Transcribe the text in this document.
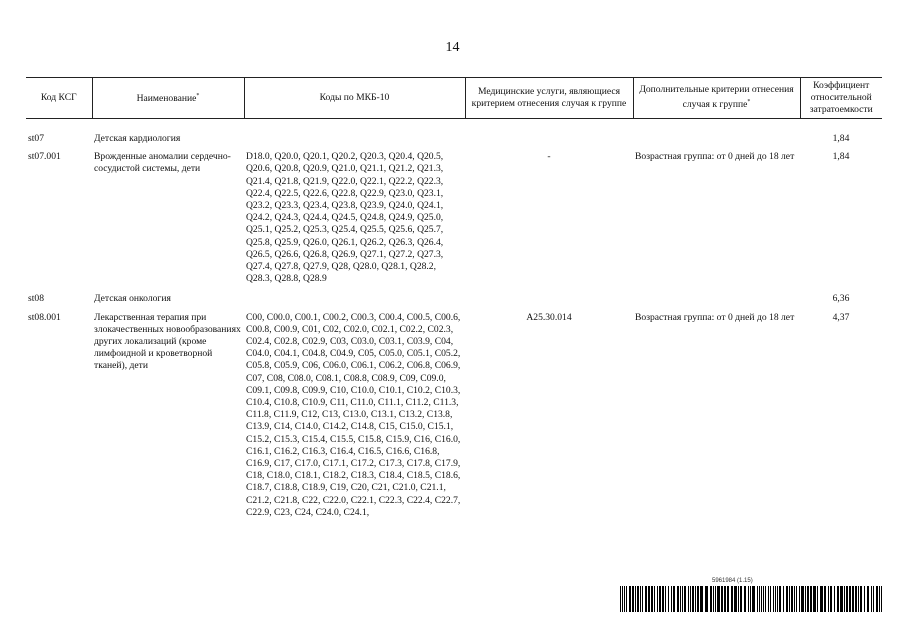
14
Код КСГ	Наименование*	Коды по МКБ-10	Медицинские услуги, являющиеся критерием отнесения случая к группе	Дополнительные критерии отнесения случая к группе*	Коэффициент относительной затратоемкости

st07	Детская кардиология				1,84
st07.001	Врожденные аномалии сердечно-сосудистой системы, дети	D18.0, Q20.0, Q20.1, Q20.2, Q20.3, Q20.4, Q20.5, Q20.6, Q20.8, Q20.9, Q21.0, Q21.1, Q21.2, Q21.3, Q21.4, Q21.8, Q21.9, Q22.0, Q22.1, Q22.2, Q22.3, Q22.4, Q22.5, Q22.6, Q22.8, Q22.9, Q23.0, Q23.1, Q23.2, Q23.3, Q23.4, Q23.8, Q23.9, Q24.0, Q24.1, Q24.2, Q24.3, Q24.4, Q24.5, Q24.8, Q24.9, Q25.0, Q25.1, Q25.2, Q25.3, Q25.4, Q25.5, Q25.6, Q25.7, Q25.8, Q25.9, Q26.0, Q26.1, Q26.2, Q26.3, Q26.4, Q26.5, Q26.6, Q26.8, Q26.9, Q27.1, Q27.2, Q27.3, Q27.4, Q27.8, Q27.9, Q28, Q28.0, Q28.1, Q28.2, Q28.3, Q28.8, Q28.9	-	Возрастная группа: от 0 дней до 18 лет	1,84
st08	Детская онкология				6,36
st08.001	Лекарственная терапия при злокачественных новообразованиях других локализаций (кроме лимфоидной и кроветворной тканей), дети	C00, C00.0, C00.1, C00.2, C00.3, C00.4, C00.5, C00.6, C00.8, C00.9, C01, C02, C02.0, C02.1, C02.2, C02.3, C02.4, C02.8, C02.9, C03, C03.0, C03.1, C03.9, C04, C04.0, C04.1, C04.8, C04.9, C05, C05.0, C05.1, C05.2, C05.8, C05.9, C06, C06.0, C06.1, C06.2, C06.8, C06.9, C07, C08, C08.0, C08.1, C08.8, C08.9, C09, C09.0, C09.1, C09.8, C09.9, C10, C10.0, C10.1, C10.2, C10.3, C10.4, C10.8, C10.9, C11, C11.0, C11.1, C11.2, C11.3, C11.8, C11.9, C12, C13, C13.0, C13.1, C13.2, C13.8, C13.9, C14, C14.0, C14.2, C14.8, C15, C15.0, C15.1, C15.2, C15.3, C15.4, C15.5, C15.8, C15.9, C16, C16.0, C16.1, C16.2, C16.3, C16.4, C16.5, C16.6, C16.8, C16.9, C17, C17.0, C17.1, C17.2, C17.3, C17.8, C17.9, C18, C18.0, C18.1, C18.2, C18.3, C18.4, C18.5, C18.6, C18.7, C18.8, C18.9, C19, C20, C21, C21.0, C21.1, C21.2, C21.8, C22, C22.0, C22.1, C22.3, C22.4, C22.7, C22.9, C23, C24, C24.0, C24.1,	A25.30.014	Возрастная группа: от 0 дней до 18 лет	4,37
5961984 (1.15)
